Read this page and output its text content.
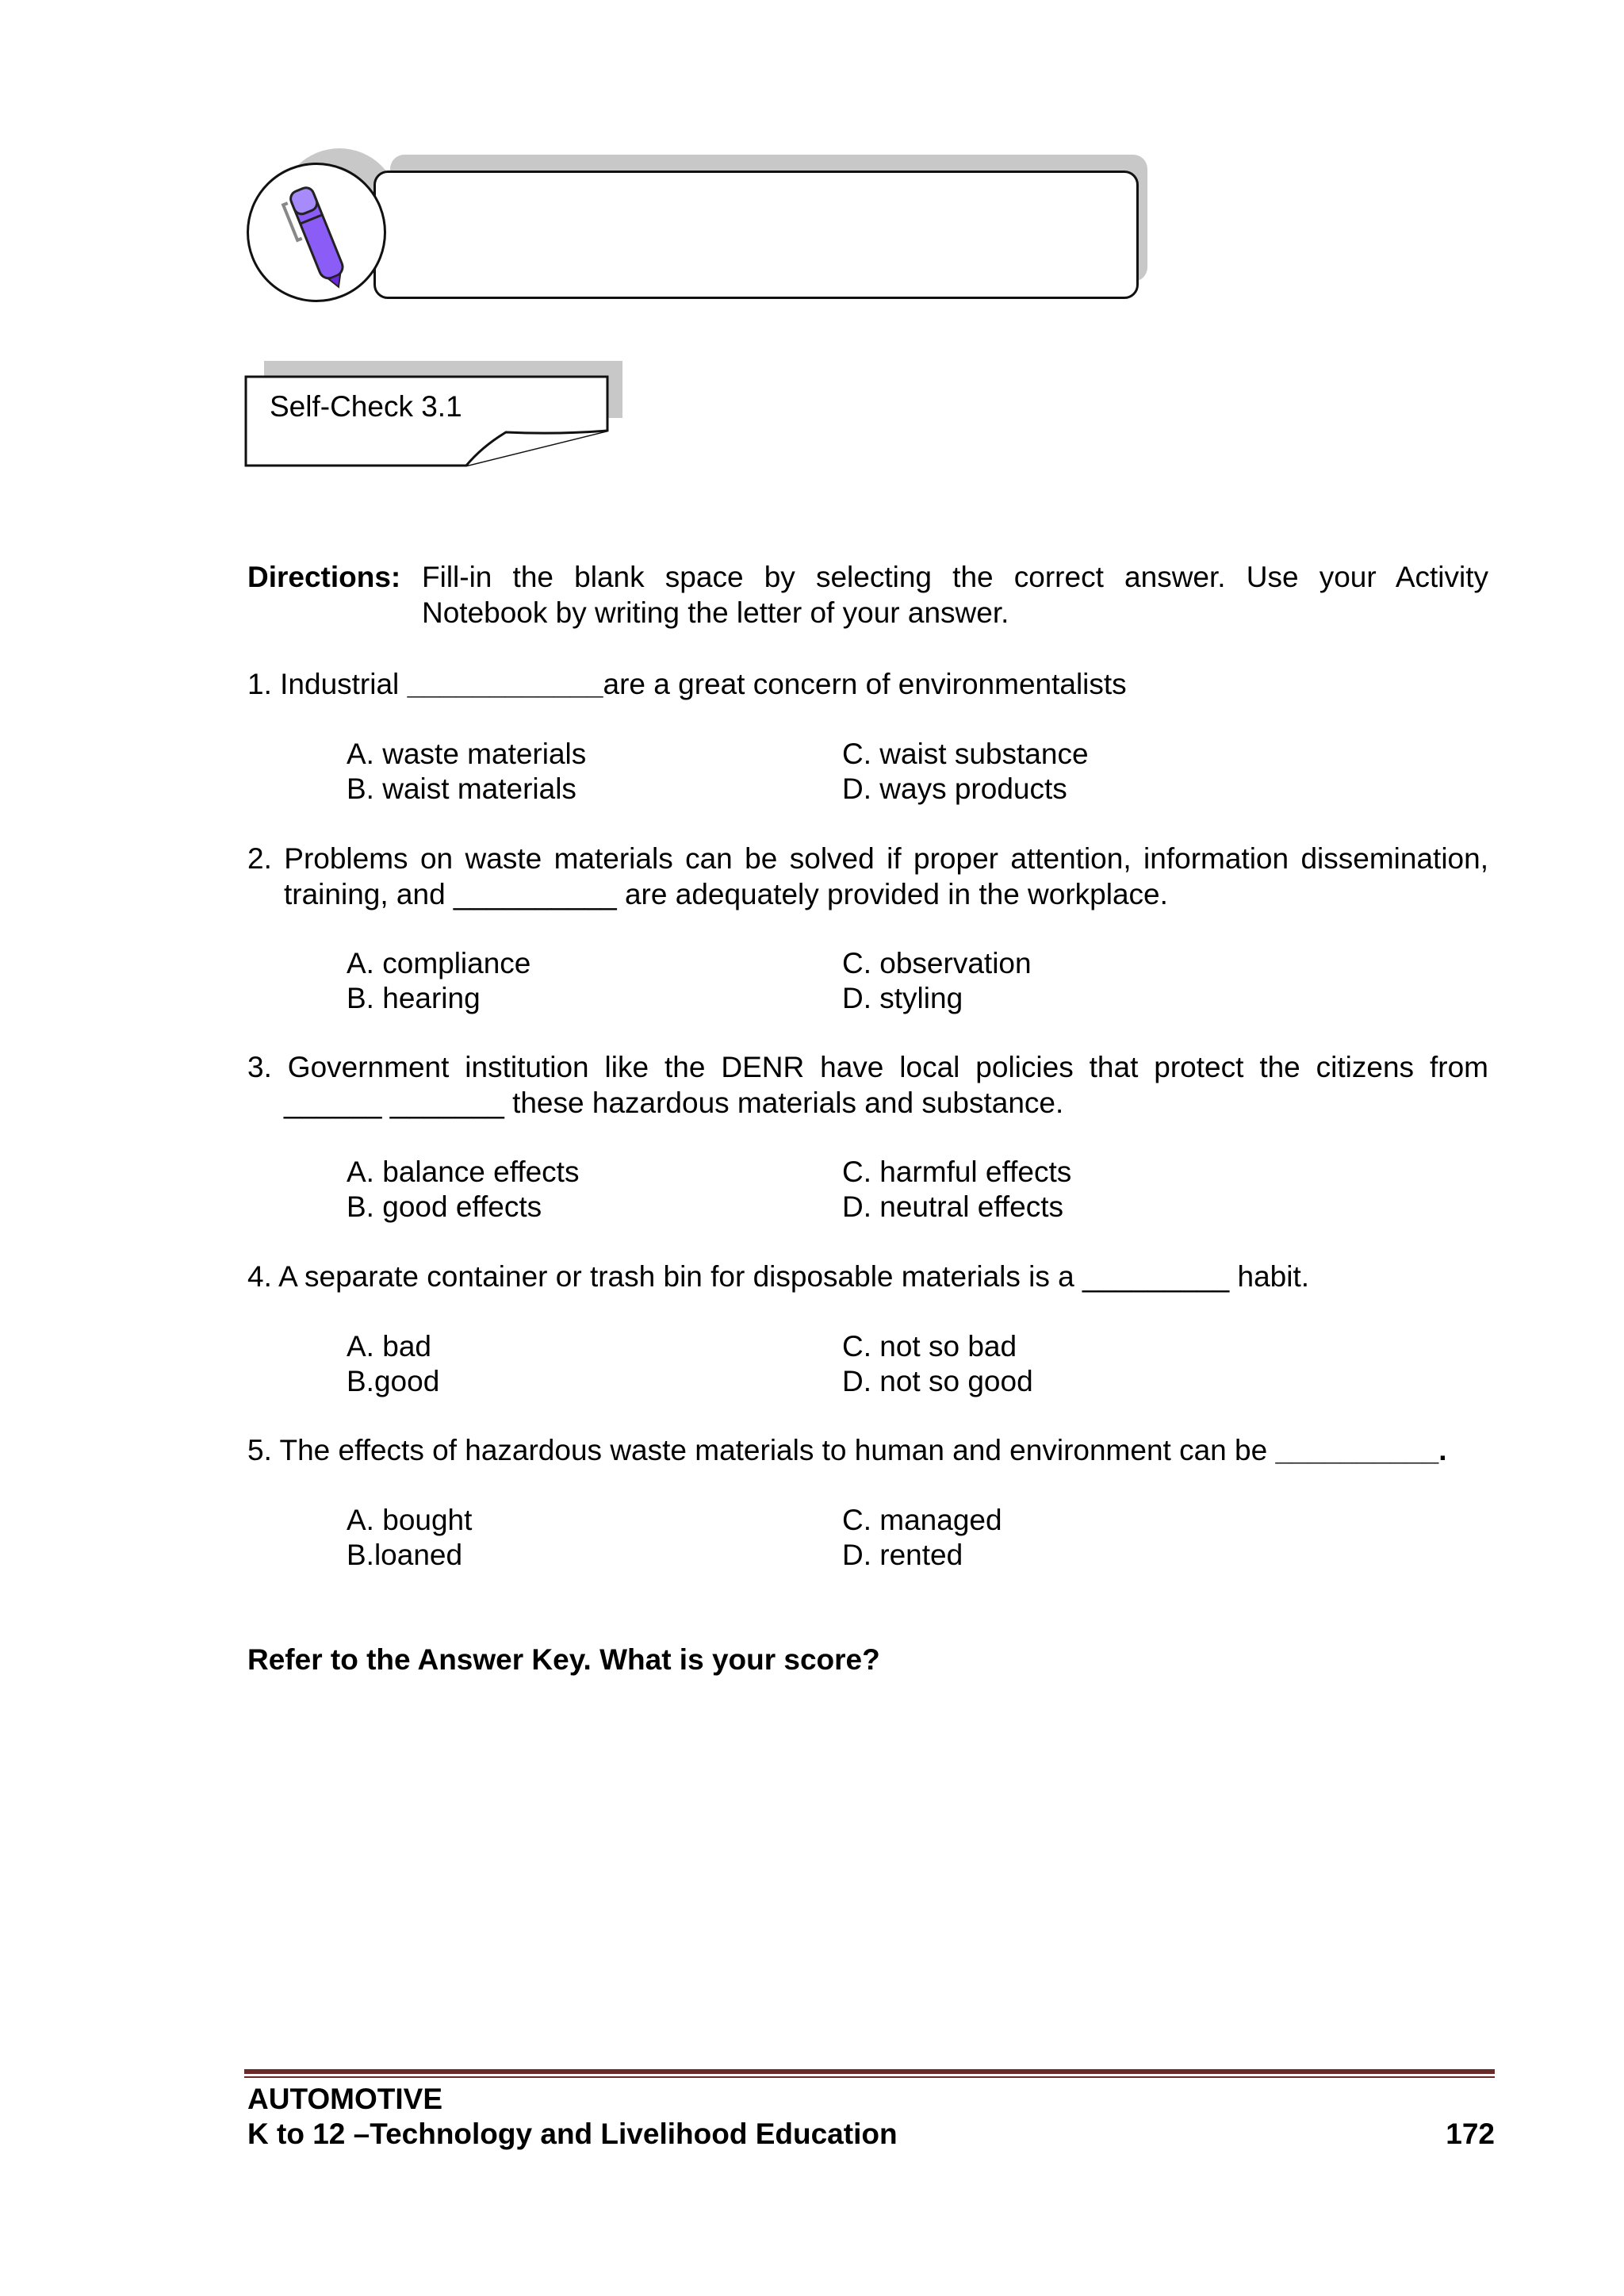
Self-Check 3.1
Directions: Fill-in the blank space by selecting the correct answer. Use your Activity
Notebook by writing the letter of your answer.
1. Industrial ____________are a great concern of environmentalists
A. waste materials
B. waist materials
C. waist substance
D. ways products
2. Problems on waste materials can be solved if proper attention, information dissemination,
training, and __________ are adequately provided in the workplace.
A. compliance
B. hearing
C. observation
D. styling
3. Government institution like the DENR have local policies that protect the citizens from
______ _______ these hazardous materials and substance.
A. balance effects
B. good effects
C. harmful effects
D. neutral effects
4. A separate container or trash bin for disposable materials is a _________ habit.
A. bad
B.good
C. not so bad
D. not so good
5. The effects of hazardous waste materials to human and environment can be __________.
A. bought
B.loaned
C. managed
D. rented
Refer to the Answer Key. What is your score?
AUTOMOTIVE
K to 12 –Technology and Livelihood Education	172
